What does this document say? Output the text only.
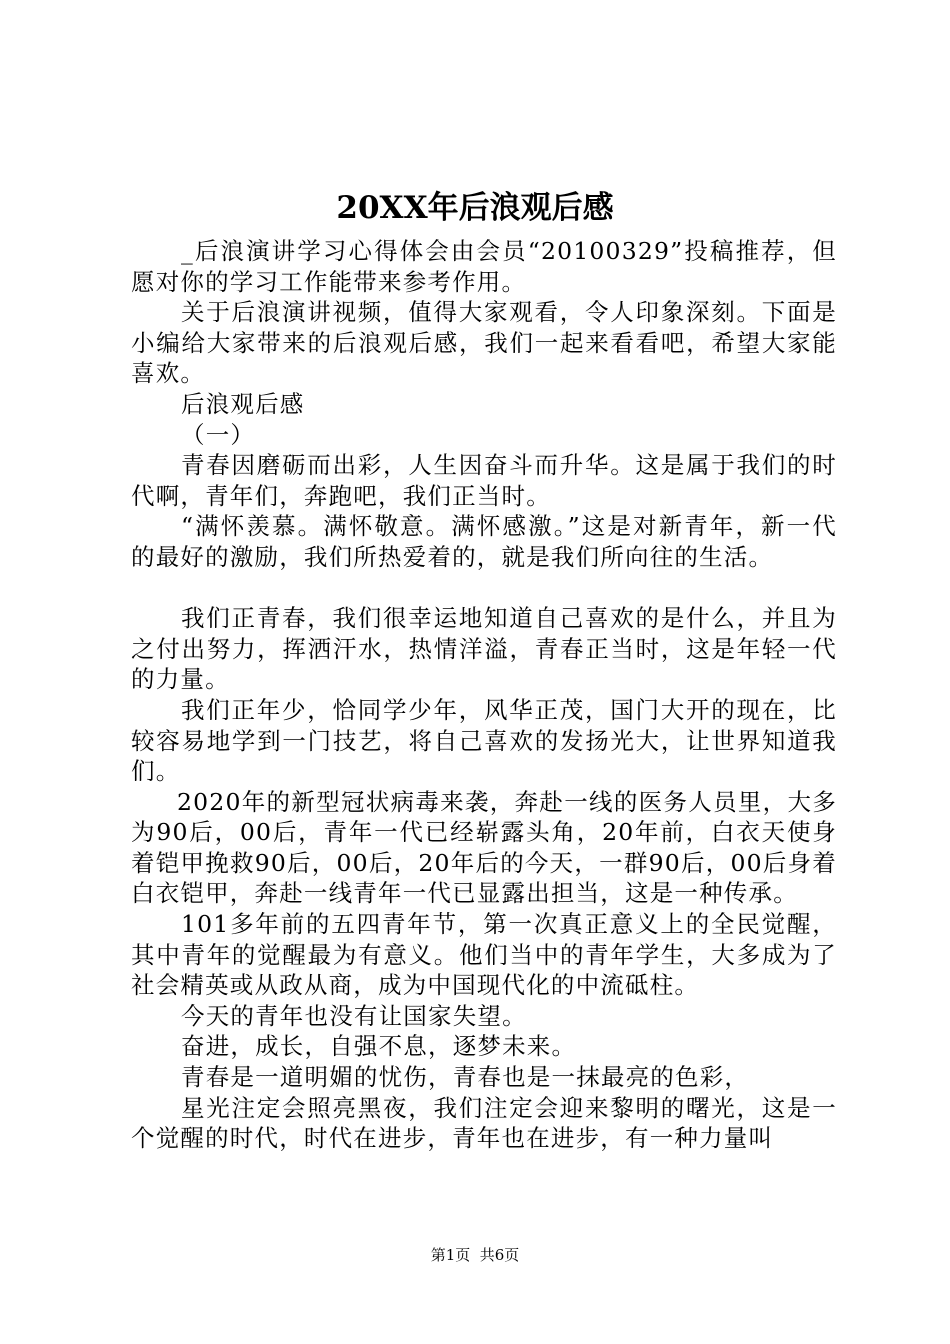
20XX年后浪观后感

_后浪演讲学习心得体会由会员“20100329”投稿推荐，但愿对你的学习工作能带来参考作用。

关于后浪演讲视频，值得大家观看，令人印象深刻。下面是小编给大家带来的后浪观后感，我们一起来看看吧，希望大家能喜欢。

后浪观后感

（一）

青春因磨砺而出彩，人生因奋斗而升华。这是属于我们的时代啊，青年们，奔跑吧，我们正当时。

“满怀羡慕。满怀敬意。满怀感激。”这是对新青年，新一代的最好的激励，我们所热爱着的，就是我们所向往的生活。

我们正青春，我们很幸运地知道自己喜欢的是什么，并且为之付出努力，挥洒汗水，热情洋溢，青春正当时，这是年轻一代的力量。

我们正年少，恰同学少年，风华正茂，国门大开的现在，比较容易地学到一门技艺，将自己喜欢的发扬光大，让世界知道我们。

2020年的新型冠状病毒来袭，奔赴一线的医务人员里，大多为90后，00后，青年一代已经崭露头角，20年前，白衣天使身着铠甲挽救90后，00后，20年后的今天，一群90后，00后身着白衣铠甲，奔赴一线青年一代已显露出担当，这是一种传承。

101多年前的五四青年节，第一次真正意义上的全民觉醒，其中青年的觉醒最为有意义。他们当中的青年学生，大多成为了社会精英或从政从商，成为中国现代化的中流砥柱。

今天的青年也没有让国家失望。

奋进，成长，自强不息，逐梦未来。

青春是一道明媚的忧伤，青春也是一抹最亮的色彩，

星光注定会照亮黑夜，我们注定会迎来黎明的曙光，这是一个觉醒的时代，时代在进步，青年也在进步，有一种力量叫

第1页  共6页
